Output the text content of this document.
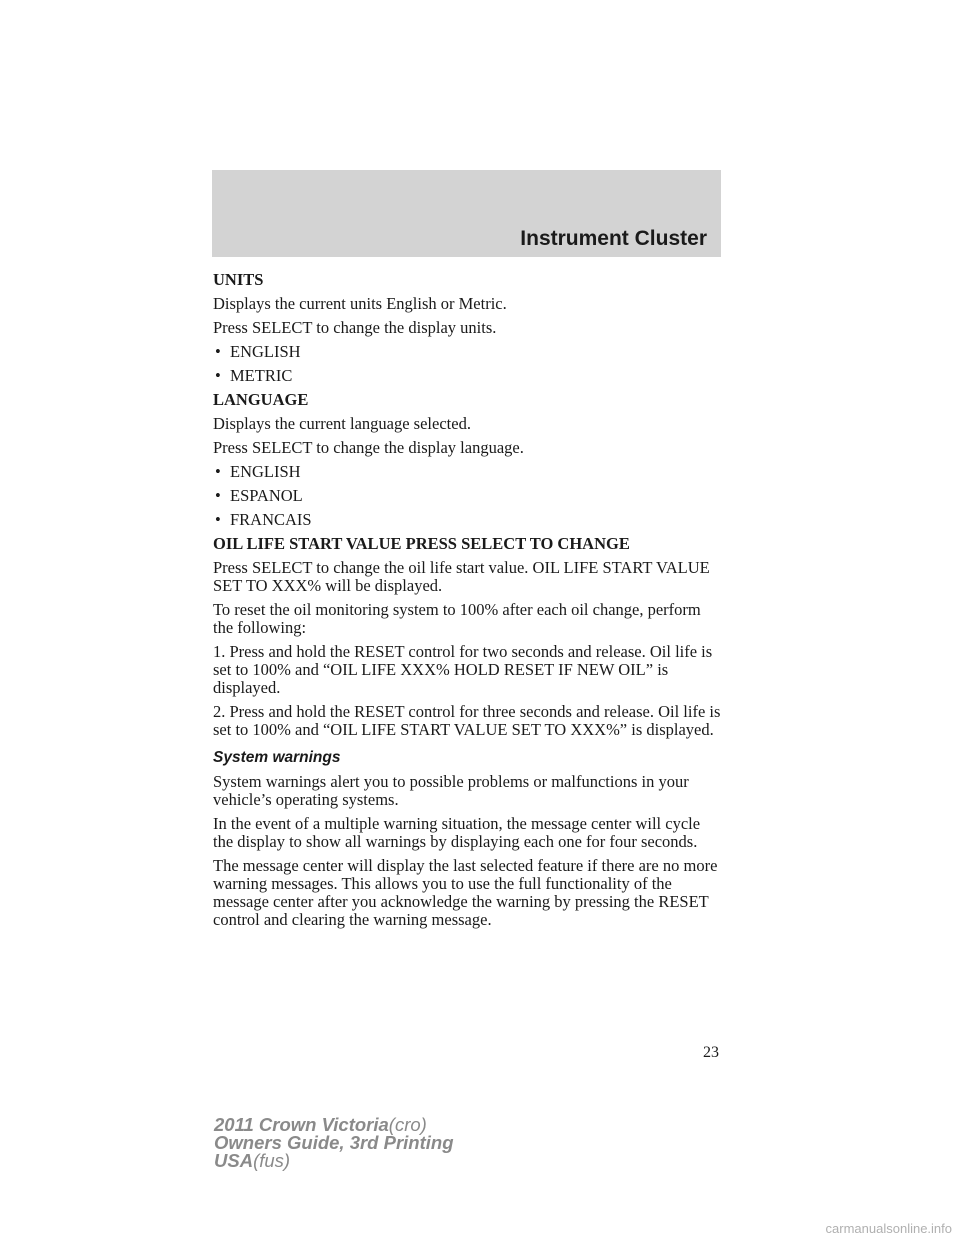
Instrument Cluster
UNITS
Displays the current units English or Metric.
Press SELECT to change the display units.
• ENGLISH
• METRIC
LANGUAGE
Displays the current language selected.
Press SELECT to change the display language.
• ENGLISH
• ESPANOL
• FRANCAIS
OIL LIFE START VALUE PRESS SELECT TO CHANGE
Press SELECT to change the oil life start value. OIL LIFE START VALUE SET TO XXX% will be displayed.
To reset the oil monitoring system to 100% after each oil change, perform the following:
1. Press and hold the RESET control for two seconds and release. Oil life is set to 100% and “OIL LIFE XXX% HOLD RESET IF NEW OIL” is displayed.
2. Press and hold the RESET control for three seconds and release. Oil life is set to 100% and “OIL LIFE START VALUE SET TO XXX%” is displayed.
System warnings
System warnings alert you to possible problems or malfunctions in your vehicle’s operating systems.
In the event of a multiple warning situation, the message center will cycle the display to show all warnings by displaying each one for four seconds.
The message center will display the last selected feature if there are no more warning messages. This allows you to use the full functionality of the message center after you acknowledge the warning by pressing the RESET control and clearing the warning message.
23
2011 Crown Victoria(cro)
Owners Guide, 3rd Printing
USA(fus)
carmanualsonline.info
